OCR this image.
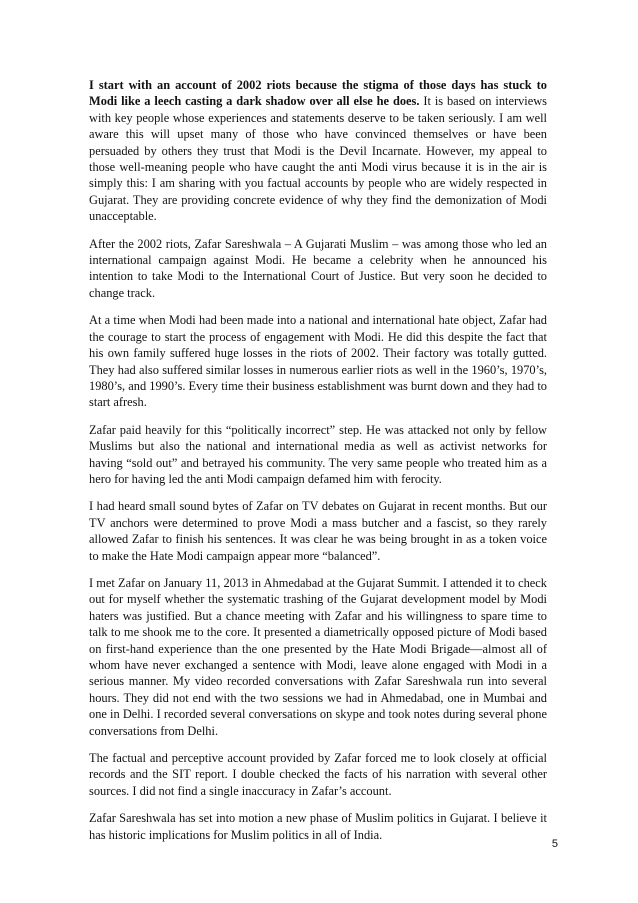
I start with an account of 2002 riots because the stigma of those days has stuck to Modi like a leech casting a dark shadow over all else he does. It is based on interviews with key people whose experiences and statements deserve to be taken seriously. I am well aware this will upset many of those who have convinced themselves or have been persuaded by others they trust that Modi is the Devil Incarnate. However, my appeal to those well-meaning people who have caught the anti Modi virus because it is in the air is simply this: I am sharing with you factual accounts by people who are widely respected in Gujarat. They are providing concrete evidence of why they find the demonization of Modi unacceptable.

After the 2002 riots, Zafar Sareshwala – A Gujarati Muslim – was among those who led an international campaign against Modi. He became a celebrity when he announced his intention to take Modi to the International Court of Justice. But very soon he decided to change track.

At a time when Modi had been made into a national and international hate object, Zafar had the courage to start the process of engagement with Modi. He did this despite the fact that his own family suffered huge losses in the riots of 2002. Their factory was totally gutted. They had also suffered similar losses in numerous earlier riots as well in the 1960’s, 1970’s, 1980’s, and 1990’s. Every time their business establishment was burnt down and they had to start afresh.

Zafar paid heavily for this “politically incorrect” step. He was attacked not only by fellow Muslims but also the national and international media as well as activist networks for having “sold out” and betrayed his community. The very same people who treated him as a hero for having led the anti Modi campaign defamed him with ferocity.

I had heard small sound bytes of Zafar on TV debates on Gujarat in recent months. But our TV anchors were determined to prove Modi a mass butcher and a fascist, so they rarely allowed Zafar to finish his sentences. It was clear he was being brought in as a token voice to make the Hate Modi campaign appear more “balanced”.

I met Zafar on January 11, 2013 in Ahmedabad at the Gujarat Summit. I attended it to check out for myself whether the systematic trashing of the Gujarat development model by Modi haters was justified. But a chance meeting with Zafar and his willingness to spare time to talk to me shook me to the core. It presented a diametrically opposed picture of Modi based on first-hand experience than the one presented by the Hate Modi Brigade—almost all of whom have never exchanged a sentence with Modi, leave alone engaged with Modi in a serious manner. My video recorded conversations with Zafar Sareshwala run into several hours. They did not end with the two sessions we had in Ahmedabad, one in Mumbai and one in Delhi. I recorded several conversations on skype and took notes during several phone conversations from Delhi.

The factual and perceptive account provided by Zafar forced me to look closely at official records and the SIT report. I double checked the facts of his narration with several other sources. I did not find a single inaccuracy in Zafar’s account.

Zafar Sareshwala has set into motion a new phase of Muslim politics in Gujarat. I believe it has historic implications for Muslim politics in all of India.

5
